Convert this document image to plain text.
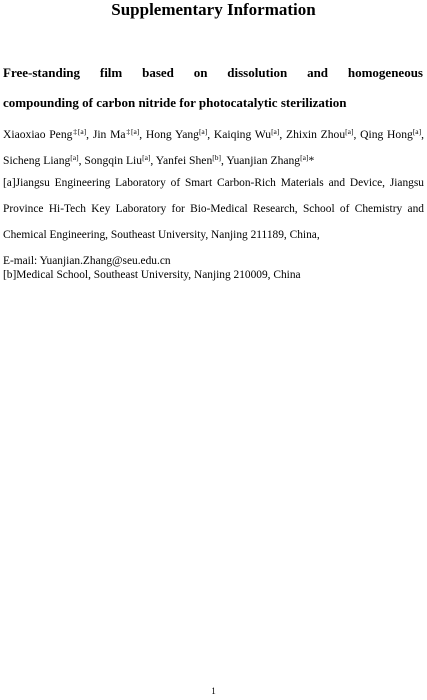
Supplementary Information
Free-standing film based on dissolution and homogeneous
compounding of carbon nitride for photocatalytic sterilization
Xiaoxiao Peng$^{\ddagger[a]}$, Jin $Ma^{\ddagger[a]}$, Hong Yang[a], Kaiqing Wu[a], Zhixin Zhou[a], Qing Hong[a], Sicheng Liang[a], Songqin Liu[a], Yanfei Shen[b], Yuanjian Zhang[a]*
[a]Jiangsu Engineering Laboratory of Smart Carbon-Rich Materials and Device, Jiangsu Province Hi-Tech Key Laboratory for Bio-Medical Research, School of Chemistry and Chemical Engineering, Southeast University, Nanjing 211189, China,
E-mail: Yuanjian.Zhang@seu.edu.cn
[b]Medical School, Southeast University, Nanjing 210009, China
1
